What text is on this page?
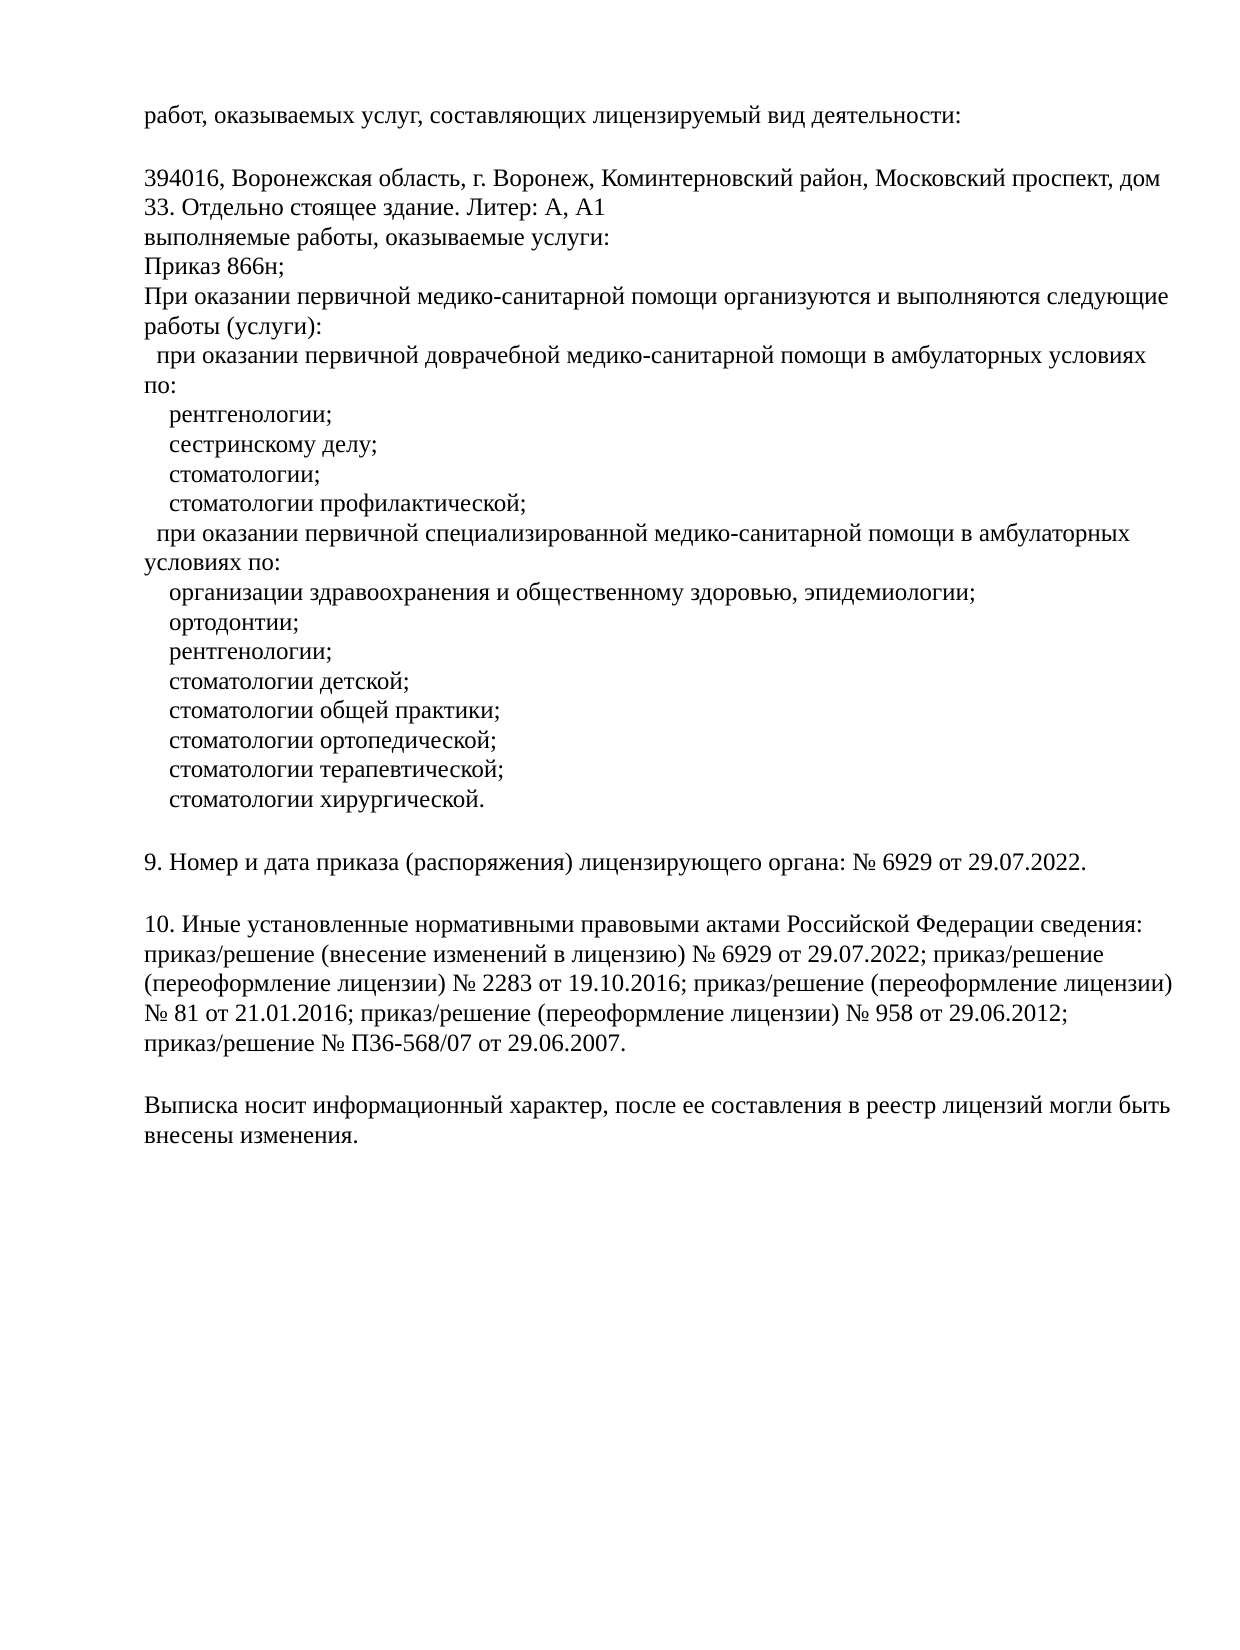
работ, оказываемых услуг, составляющих лицензируемый вид деятельности:
394016, Воронежская область, г. Воронеж, Коминтерновский район, Московский проспект, дом
33. Отдельно стоящее здание. Литер: А, А1
выполняемые работы, оказываемые услуги:
Приказ 866н;
При оказании первичной медико-санитарной помощи организуются и выполняются следующие
работы (услуги):
при оказании первичной доврачебной медико-санитарной помощи в амбулаторных условиях
по:
рентгенологии;
сестринскому делу;
стоматологии;
стоматологии профилактической;
при оказании первичной специализированной медико-санитарной помощи в амбулаторных
условиях по:
организации здравоохранения и общественному здоровью, эпидемиологии;
ортодонтии;
рентгенологии;
стоматологии детской;
стоматологии общей практики;
стоматологии ортопедической;
стоматологии терапевтической;
стоматологии хирургической.
9. Номер и дата приказа (распоряжения) лицензирующего органа: № 6929 от 29.07.2022.
10. Иные установленные нормативными правовыми актами Российской Федерации сведения:
приказ/решение (внесение изменений в лицензию) № 6929 от 29.07.2022; приказ/решение
(переоформление лицензии) № 2283 от 19.10.2016; приказ/решение (переоформление лицензии)
№ 81 от 21.01.2016; приказ/решение (переоформление лицензии) № 958 от 29.06.2012;
приказ/решение № П36-568/07 от 29.06.2007.
Выписка носит информационный характер, после ее составления в реестр лицензий могли быть
внесены изменения.
